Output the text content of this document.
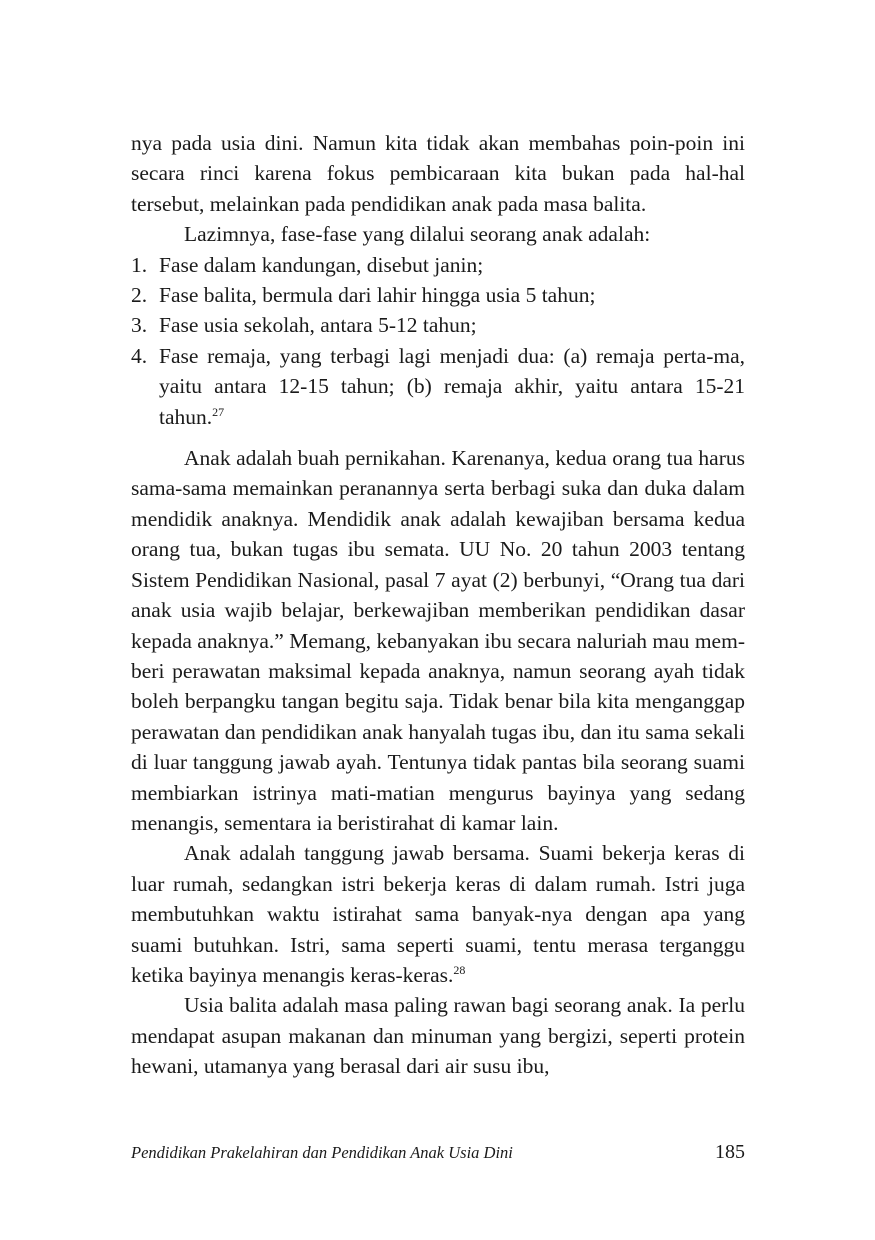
nya pada usia dini. Namun kita tidak akan membahas poin-poin ini secara rinci karena fokus pembicaraan kita bukan pada hal-hal tersebut, melainkan pada pendidikan anak pada masa balita.

Lazimnya, fase-fase yang dilalui seorang anak adalah:

1. Fase dalam kandungan, disebut janin;
2. Fase balita, bermula dari lahir hingga usia 5 tahun;
3. Fase usia sekolah, antara 5-12 tahun;
4. Fase remaja, yang terbagi lagi menjadi dua: (a) remaja perta-ma, yaitu antara 12-15 tahun; (b) remaja akhir, yaitu antara 15-21 tahun.$^{27}$

Anak adalah buah pernikahan. Karenanya, kedua orang tua harus sama-sama memainkan peranannya serta berbagi suka dan duka dalam mendidik anaknya. Mendidik anak adalah kewajiban bersama kedua orang tua, bukan tugas ibu semata. UU No. 20 tahun 2003 tentang Sistem Pendidikan Nasional, pasal 7 ayat (2) berbunyi, “Orang tua dari anak usia wajib belajar, berkewajiban memberikan pendidikan dasar kepada anaknya.” Memang, kebanyakan ibu secara naluriah mau mem-beri perawatan maksimal kepada anaknya, namun seorang ayah tidak boleh berpangku tangan begitu saja. Tidak benar bila kita menganggap perawatan dan pendidikan anak hanyalah tugas ibu, dan itu sama sekali di luar tanggung jawab ayah. Tentunya tidak pantas bila seorang suami membiarkan istrinya mati-matian mengurus bayinya yang sedang menangis, sementara ia beristirahat di kamar lain.

Anak adalah tanggung jawab bersama. Suami bekerja keras di luar rumah, sedangkan istri bekerja keras di dalam rumah. Istri juga membutuhkan waktu istirahat sama banyak-nya dengan apa yang suami butuhkan. Istri, sama seperti suami, tentu merasa terganggu ketika bayinya menangis keras-keras.$^{28}$

Usia balita adalah masa paling rawan bagi seorang anak. Ia perlu mendapat asupan makanan dan minuman yang bergizi, seperti protein hewani, utamanya yang berasal dari air susu ibu,

Pendidikan Prakelahiran dan Pendidikan Anak Usia Dini	185
